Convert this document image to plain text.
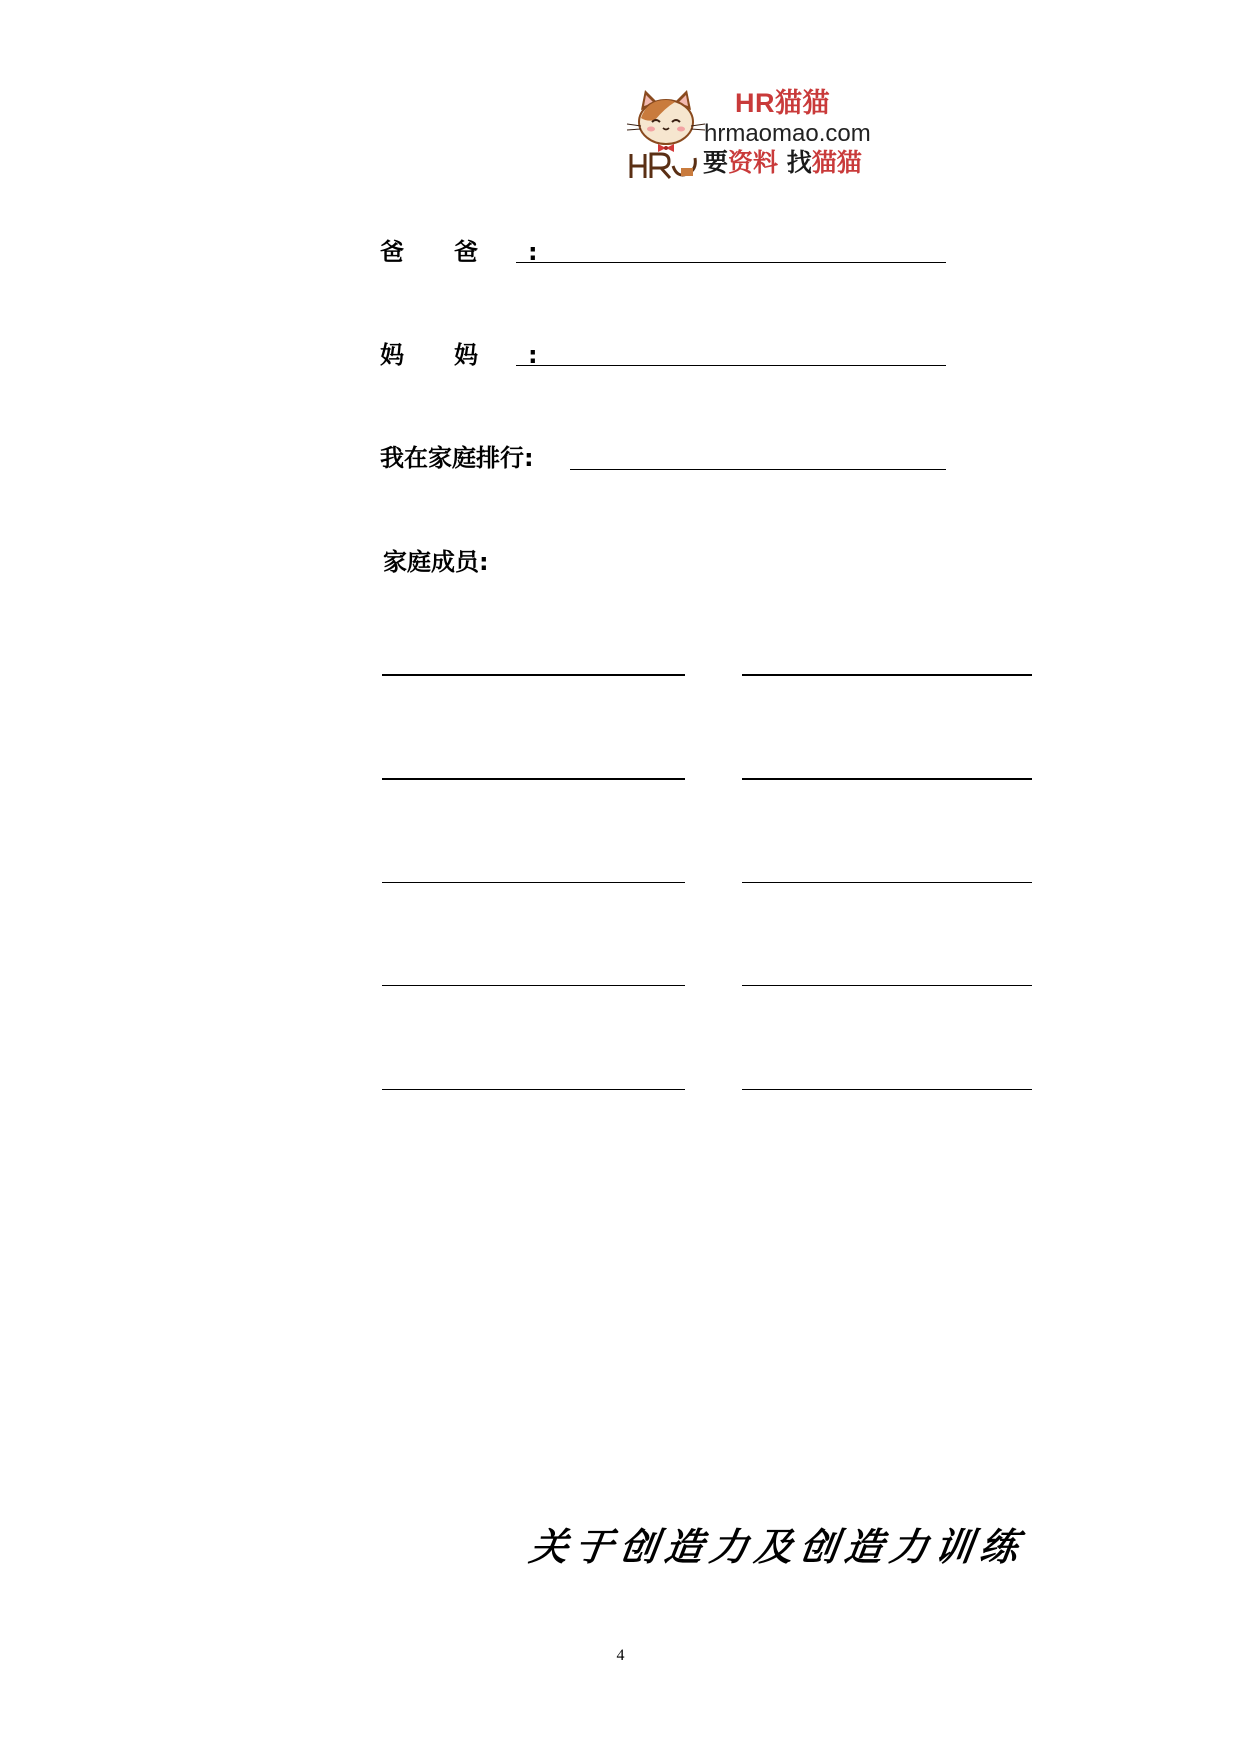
HR猫猫
hrmaomao.com
要资料 找猫猫
爸爸:
妈妈:
我在家庭排行:
家庭成员:
关于创造力及创造力训练
4
